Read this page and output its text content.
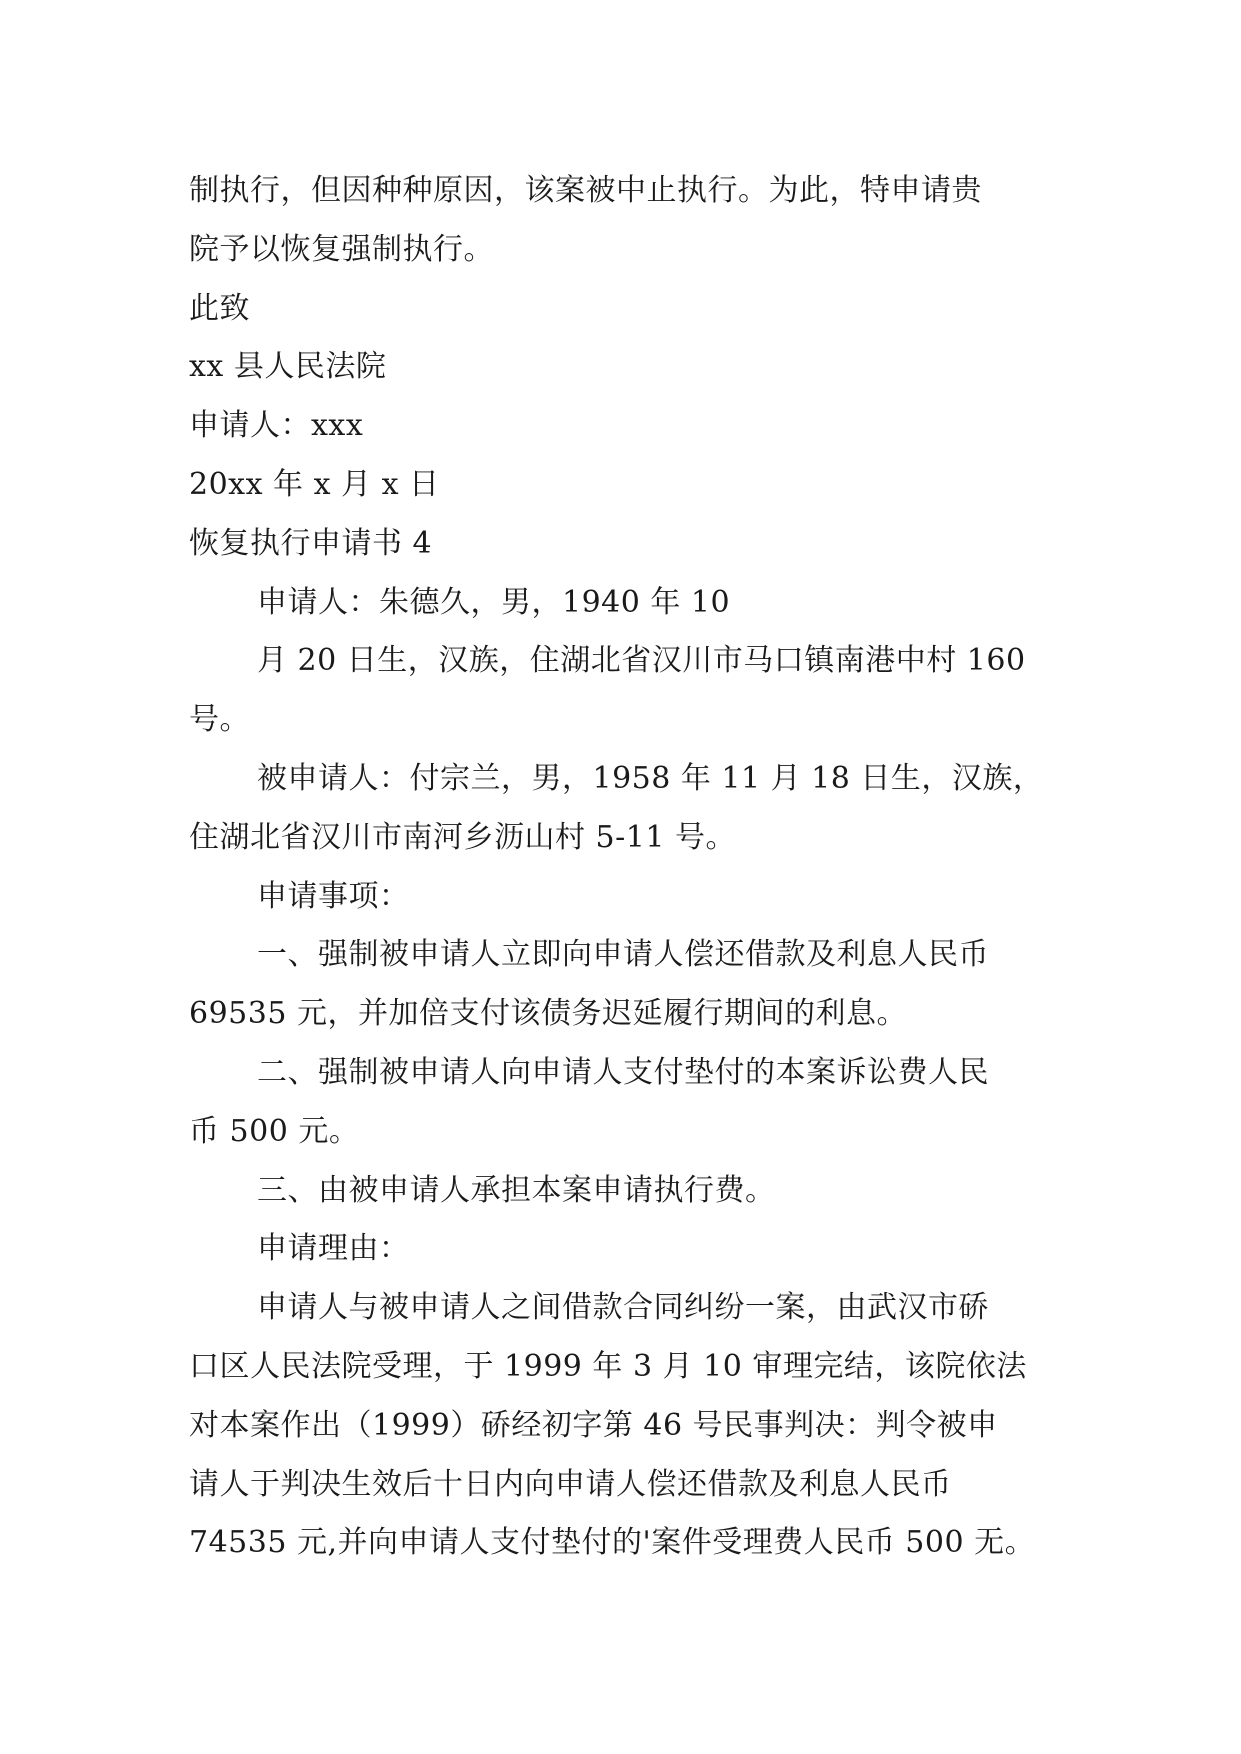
制执行，但因种种原因，该案被中止执行。为此，特申请贵
院予以恢复强制执行。
此致
xx 县人民法院
申请人：xxx
20xx 年 x 月 x 日
恢复执行申请书 4
申请人：朱德久，男，1940 年 10
月 20 日生，汉族，住湖北省汉川市马口镇南港中村 160
号。
被申请人：付宗兰，男，1958 年 11 月 18 日生，汉族，
住湖北省汉川市南河乡沥山村 5-11 号。
申请事项：
一、强制被申请人立即向申请人偿还借款及利息人民币
69535 元，并加倍支付该债务迟延履行期间的利息。
二、强制被申请人向申请人支付垫付的本案诉讼费人民
币 500 元。
三、由被申请人承担本案申请执行费。
申请理由：
申请人与被申请人之间借款合同纠纷一案，由武汉市硚
口区人民法院受理，于 1999 年 3 月 10 审理完结，该院依法
对本案作出（1999）硚经初字第 46 号民事判决：判令被申
请人于判决生效后十日内向申请人偿还借款及利息人民币
74535 元,并向申请人支付垫付的'案件受理费人民币 500 无。
